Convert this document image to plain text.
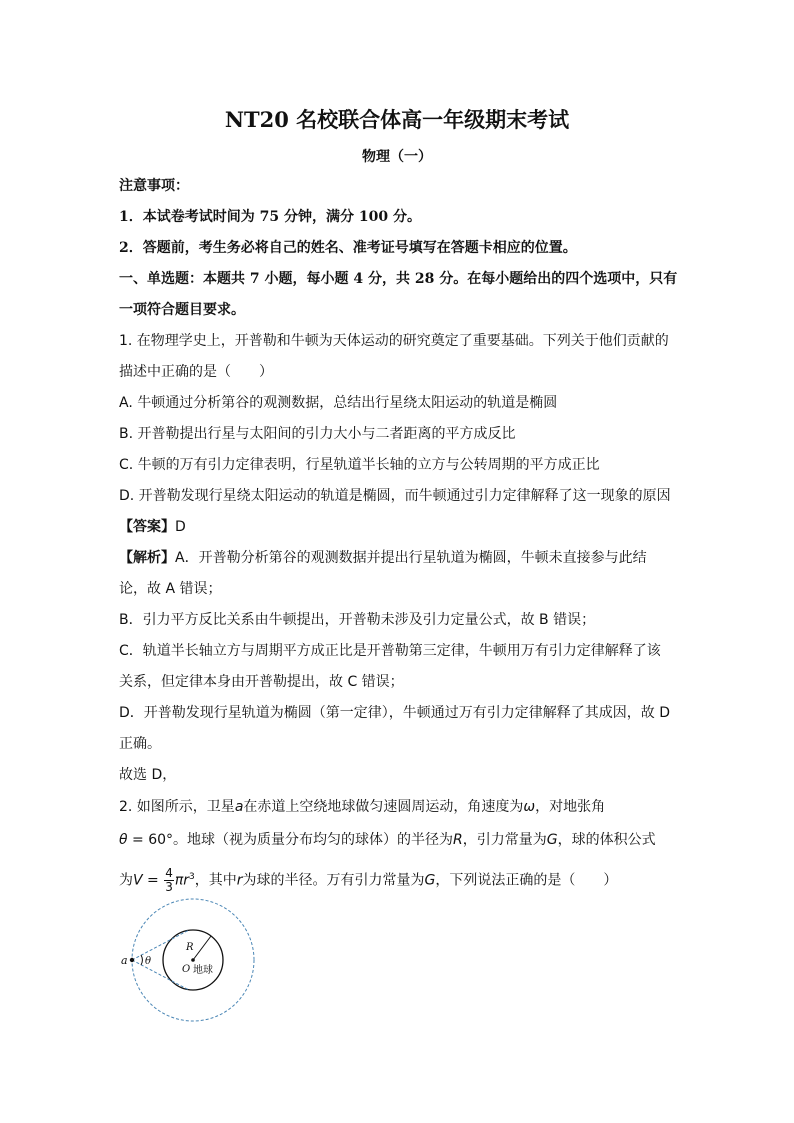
NT20 名校联合体高一年级期末考试
物理（一）
注意事项：
1．本试卷考试时间为 75 分钟，满分 100 分。
2．答题前，考生务必将自己的姓名、准考证号填写在答题卡相应的位置。
一、单选题：本题共 7 小题，每小题 4 分，共 28 分。在每小题给出的四个选项中，只有
一项符合题目要求。
1. 在物理学史上，开普勒和牛顿为天体运动的研究奠定了重要基础。下列关于他们贡献的
描述中正确的是（　　）
A. 牛顿通过分析第谷的观测数据，总结出行星绕太阳运动的轨道是椭圆
B. 开普勒提出行星与太阳间的引力大小与二者距离的平方成反比
C. 牛顿的万有引力定律表明，行星轨道半长轴的立方与公转周期的平方成正比
D. 开普勒发现行星绕太阳运动的轨道是椭圆，而牛顿通过引力定律解释了这一现象的原因
【答案】D
【解析】A．开普勒分析第谷的观测数据并提出行星轨道为椭圆，牛顿未直接参与此结
论，故 A 错误；
B．引力平方反比关系由牛顿提出，开普勒未涉及引力定量公式，故 B 错误；
C．轨道半长轴立方与周期平方成正比是开普勒第三定律，牛顿用万有引力定律解释了该
关系，但定律本身由开普勒提出，故 C 错误；
D．开普勒发现行星轨道为椭圆（第一定律），牛顿通过万有引力定律解释了其成因，故 D
正确。
故选 D，
2. 如图所示，卫星a在赤道上空绕地球做匀速圆周运动，角速度为ω，对地张角
θ = 60°。地球（视为质量分布均匀的球体）的半径为R，引力常量为G，球的体积公式
为$V = \frac{4}{3} \pi r^3$，其中r为球的半径。万有引力常量为G，下列说法正确的是（　　）
a θ
R
O 地球
